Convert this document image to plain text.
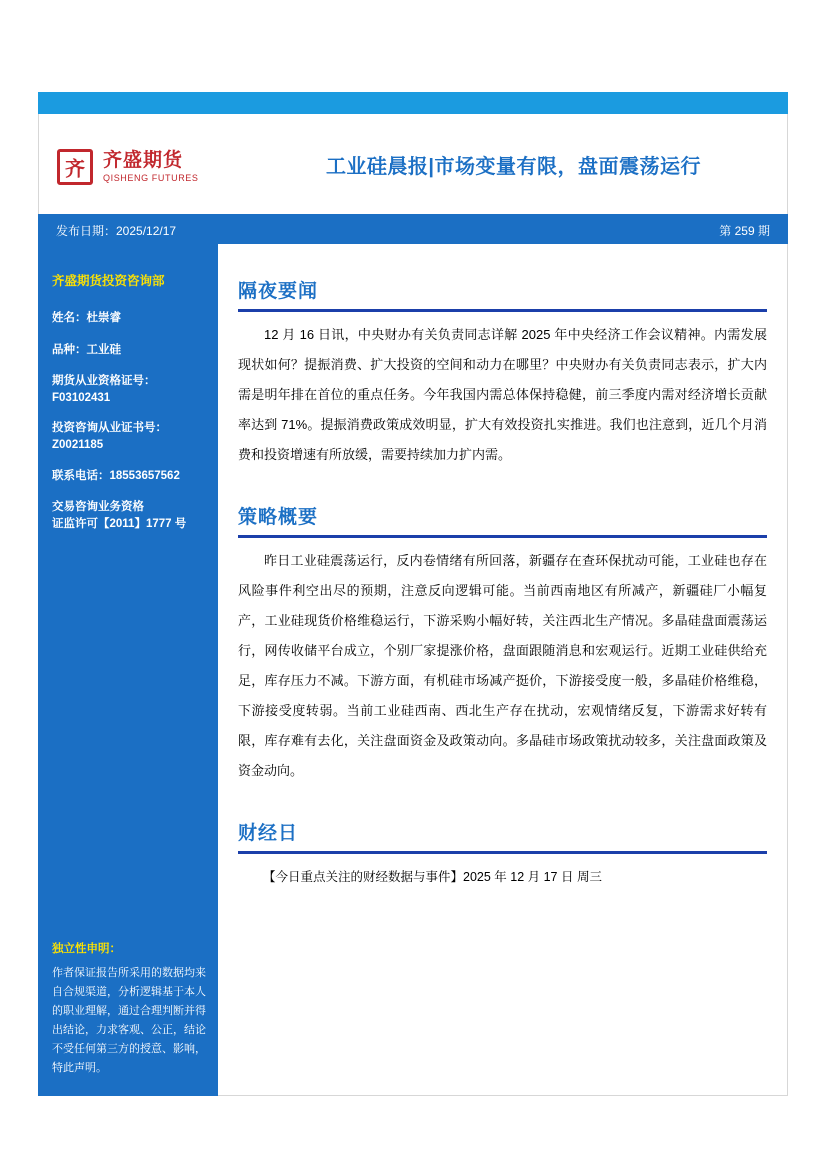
齐
齐盛期货
QISHENG FUTURES	工业硅晨报|市场变量有限，盘面震荡运行
发布日期：2025/12/17	第 259 期
齐盛期货投资咨询部
姓名：杜崇睿
品种：工业硅
期货从业资格证号：
F03102431
投资咨询从业证书号：
Z0021185
联系电话：18553657562
交易咨询业务资格
证监许可【2011】1777 号
独立性申明：
作者保证报告所采用的数据均来自合规渠道，分析逻辑基于本人的职业理解，通过合理判断并得出结论，力求客观、公正，结论不受任何第三方的授意、影响，特此声明。
隔夜要闻
12 月 16 日讯，中央财办有关负责同志详解 2025 年中央经济工作会议精神。内需发展现状如何？提振消费、扩大投资的空间和动力在哪里？中央财办有关负责同志表示，扩大内需是明年排在首位的重点任务。今年我国内需总体保持稳健，前三季度内需对经济增长贡献率达到 71%。提振消费政策成效明显，扩大有效投资扎实推进。我们也注意到，近几个月消费和投资增速有所放缓，需要持续加力扩内需。
策略概要
昨日工业硅震荡运行，反内卷情绪有所回落，新疆存在查环保扰动可能，工业硅也存在风险事件利空出尽的预期，注意反向逻辑可能。当前西南地区有所减产，新疆硅厂小幅复产，工业硅现货价格维稳运行，下游采购小幅好转，关注西北生产情况。多晶硅盘面震荡运行，网传收储平台成立，个别厂家提涨价格，盘面跟随消息和宏观运行。近期工业硅供给充足，库存压力不减。下游方面，有机硅市场减产挺价，下游接受度一般，多晶硅价格维稳，下游接受度转弱。当前工业硅西南、西北生产存在扰动，宏观情绪反复，下游需求好转有限，库存难有去化，关注盘面资金及政策动向。多晶硅市场政策扰动较多，关注盘面政策及资金动向。
财经日
【今日重点关注的财经数据与事件】2025 年 12 月 17 日 周三
